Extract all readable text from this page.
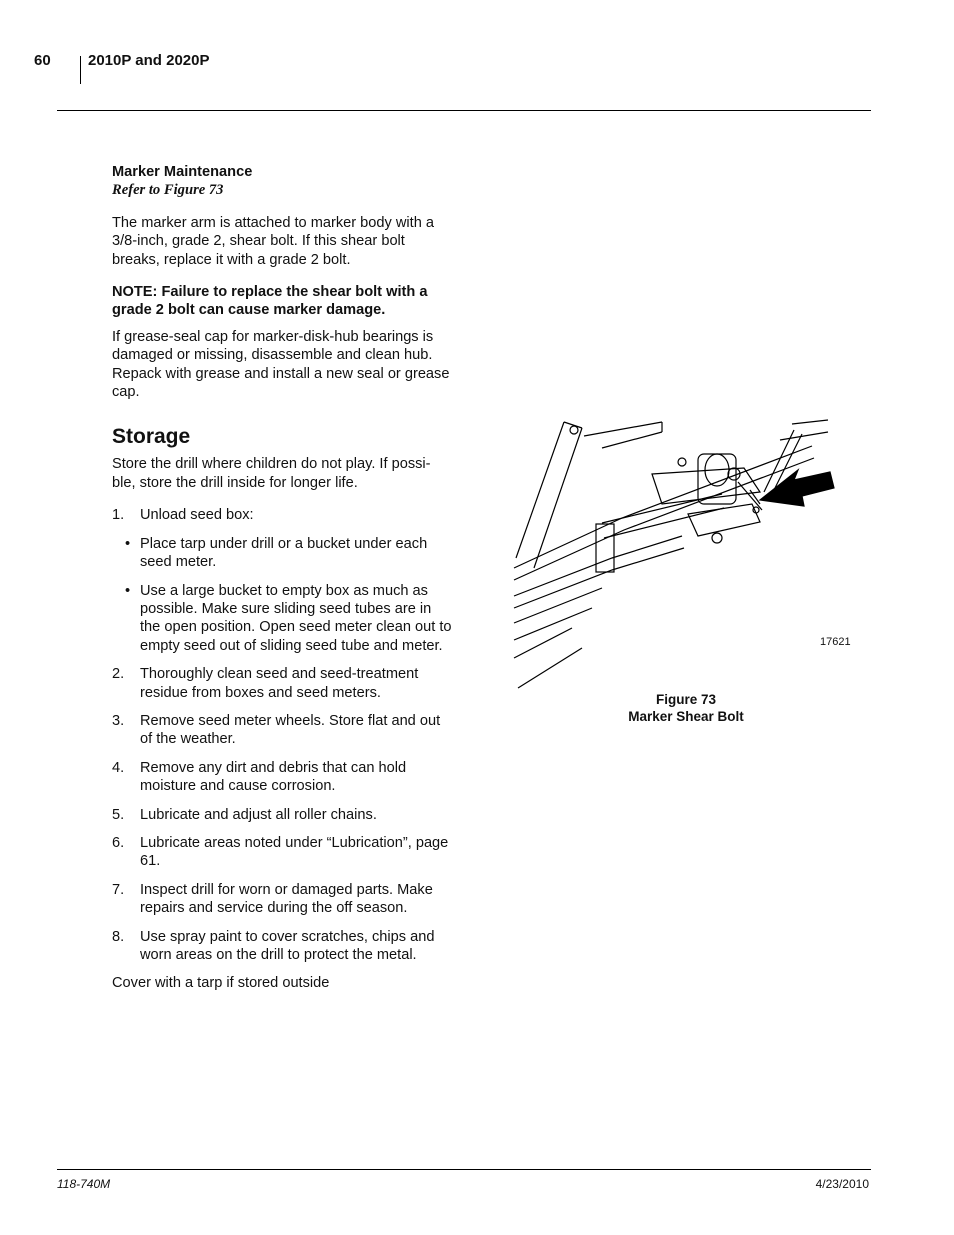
60 2010P and 2020P

Marker Maintenance

Refer to Figure 73

The marker arm is attached to marker body with a 3/8-inch, grade 2, shear bolt. If this shear bolt breaks, replace it with a grade 2 bolt.

NOTE: Failure to replace the shear bolt with a grade 2 bolt can cause marker damage.

If grease-seal cap for marker-disk-hub bearings is damaged or missing, disassemble and clean hub. Repack with grease and install a new seal or grease cap.

Storage

Store the drill where children do not play. If possi-ble, store the drill inside for longer life.

1. Unload seed box:
• Place tarp under drill or a bucket under each seed meter.
• Use a large bucket to empty box as much as possible. Make sure sliding seed tubes are in the open position. Open seed meter clean out to empty seed out of sliding seed tube and meter.
2. Thoroughly clean seed and seed-treatment residue from boxes and seed meters.
3. Remove seed meter wheels. Store flat and out of the weather.
4. Remove any dirt and debris that can hold moisture and cause corrosion.
5. Lubricate and adjust all roller chains.
6. Lubricate areas noted under “Lubrication”, page 61.
7. Inspect drill for worn or damaged parts. Make repairs and service during the off season.
8. Use spray paint to cover scratches, chips and worn areas on the drill to protect the metal.

Cover with a tarp if stored outside

17621
Figure 73
Marker Shear Bolt
118-740M	4/23/2010
